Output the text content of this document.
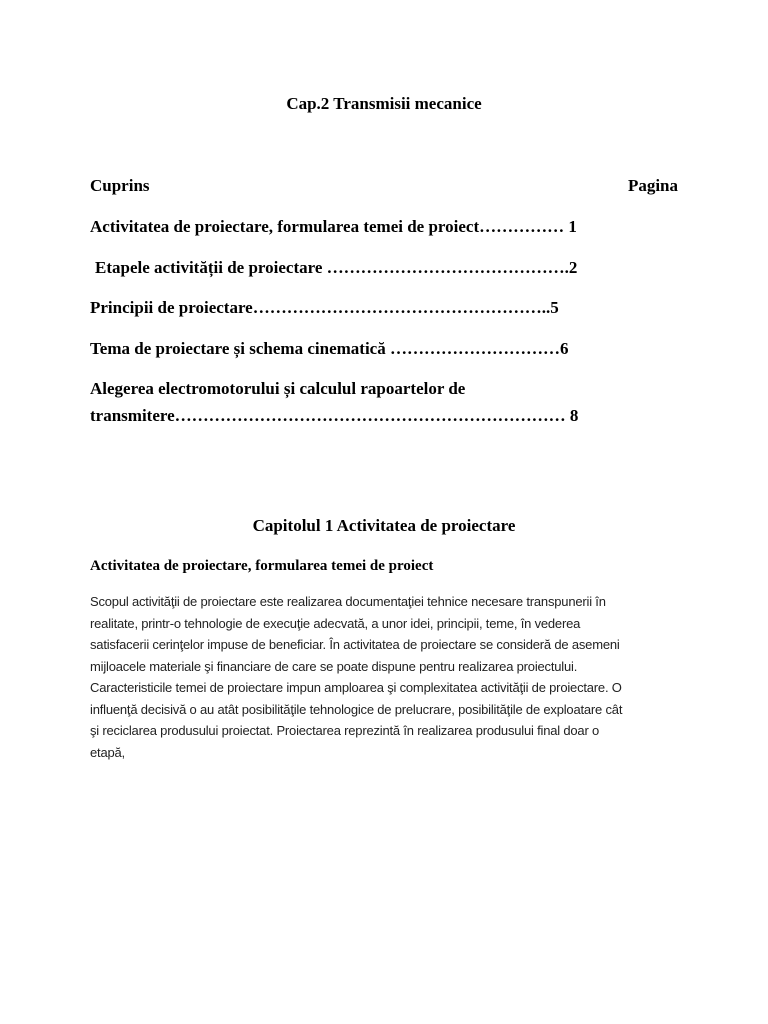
Cap.2 Transmisii mecanice
Cuprins	Pagina
Activitatea de proiectare, formularea temei de proiect…………… 1
Etapele activității de proiectare …………………………………….2
Principii de proiectare……………………………………………..5
Tema de proiectare și schema cinematică …………………………6
Alegerea electromotorului și calculul rapoartelor de
transmitere…………………………………………………………… 8
Capitolul 1 Activitatea de proiectare
Activitatea de proiectare, formularea temei de proiect
Scopul activităţii de proiectare este realizarea documentaţiei tehnice necesare transpunerii în
realitate, printr-o tehnologie de execuţie adecvată, a unor idei, principii, teme, în vederea
satisfacerii cerinţelor impuse de beneficiar. În activitatea de proiectare se consideră de asemeni
mijloacele materiale şi financiare de care se poate dispune pentru realizarea proiectului.
Caracteristicile temei de proiectare impun amploarea şi complexitatea activităţii de proiectare. O
influenţă decisivă o au atât posibilităţile tehnologice de prelucrare, posibilităţile de exploatare cât
şi reciclarea produsului proiectat. Proiectarea reprezintă în realizarea produsului final doar o
etapă,
